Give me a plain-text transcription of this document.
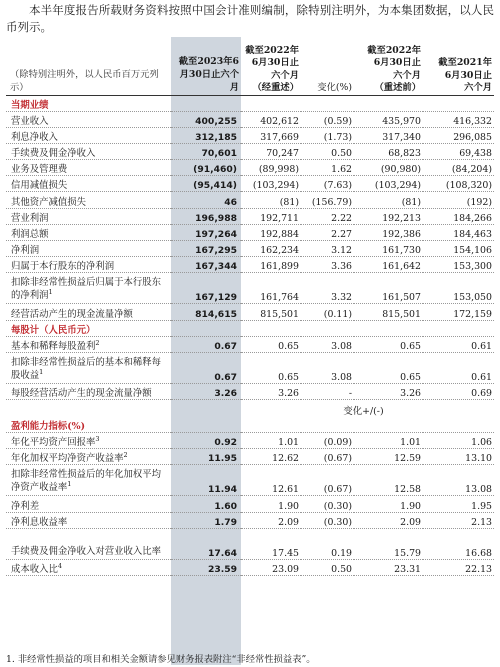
本半年度报告所载财务资料按照中国会计准则编制，除特别注明外，为本集团数据，以人民币列示。
（除特别注明外，以人民币百万元列示）	截至2023年6月30日止六个月	截至2022年
6月30日止
六个月
（经重述）	变化(%)	截至2022年
6月30日止
六个月
（重述前）	截至2021年
6月30日止
六个月
当期业绩					
营业收入	400,255	402,612	(0.59)	435,970	416,332
利息净收入	312,185	317,669	(1.73)	317,340	296,085
手续费及佣金净收入	70,601	70,247	0.50	68,823	69,438
业务及管理费	(91,460)	(89,998)	1.62	(90,980)	(84,204)
信用减值损失	(95,414)	(103,294)	(7.63)	(103,294)	(108,320)
其他资产减值损失	46	(81)	(156.79)	(81)	(192)
营业利润	196,988	192,711	2.22	192,213	184,266
利润总额	197,264	192,884	2.27	192,386	184,463
净利润	167,295	162,234	3.12	161,730	154,106
归属于本行股东的净利润	167,344	161,899	3.36	161,642	153,300
扣除非经常性损益后归属于本行股东的净利润$^1$	167,129	161,764	3.32	161,507	153,050
经营活动产生的现金流量净额	814,615	815,501	(0.11)	815,501	172,159
每股计（人民币元）					
基本和稀释每股盈利$^2$	0.67	0.65	3.08	0.65	0.61
扣除非经常性损益后的基本和稀释每股收益$^1$	0.67	0.65	3.08	0.65	0.61
每股经营活动产生的现金流量净额	3.26	3.26	-	3.26	0.69
			变化+/(-)		
盈利能力指标(%)					
年化平均资产回报率$^3$	0.92	1.01	(0.09)	1.01	1.06
年化加权平均净资产收益率$^2$	11.95	12.62	(0.67)	12.59	13.10
扣除非经常性损益后的年化加权平均净资产收益率$^1$	11.94	12.61	(0.67)	12.58	13.08
净利差	1.60	1.90	(0.30)	1.90	1.95
净利息收益率	1.79	2.09	(0.30)	2.09	2.13
手续费及佣金净收入对营业收入比率	17.64	17.45	0.19	15.79	16.68
成本收入比$^4$	23.59	23.09	0.50	23.31	22.13
1. 非经常性损益的项目和相关金额请参见财务报表附注“非经常性损益表”。
